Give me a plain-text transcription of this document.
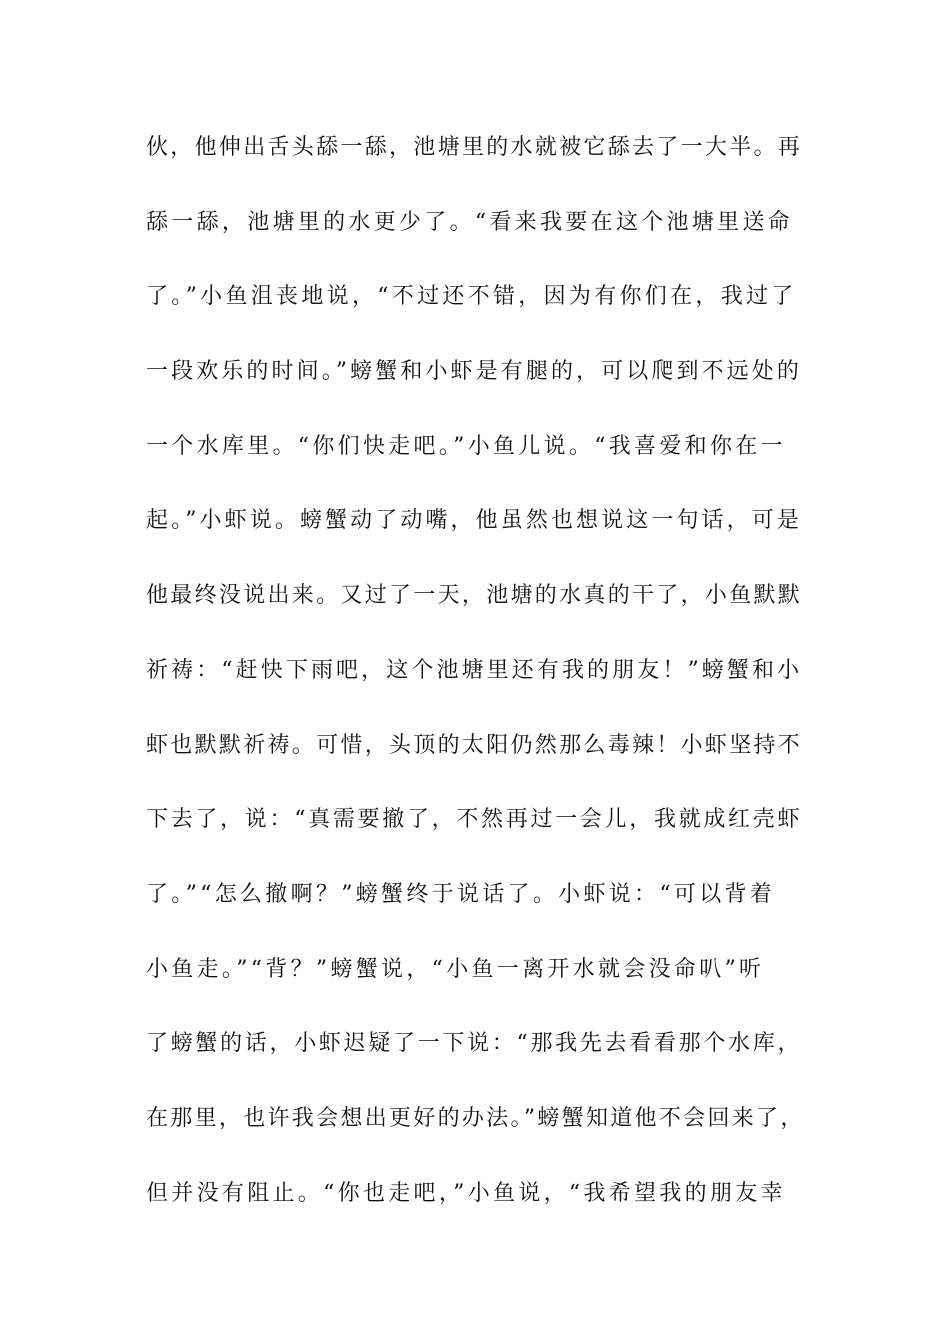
伙，他伸出舌头舔一舔，池塘里的水就被它舔去了一大半。再
舔一舔，池塘里的水更少了。“看来我要在这个池塘里送命
了。”小鱼沮丧地说，“不过还不错，因为有你们在，我过了
一段欢乐的时间。”螃蟹和小虾是有腿的，可以爬到不远处的
一个水库里。“你们快走吧。”小鱼儿说。“我喜爱和你在一
起。”小虾说。螃蟹动了动嘴，他虽然也想说这一句话，可是
他最终没说出来。又过了一天，池塘的水真的干了，小鱼默默
祈祷：“赶快下雨吧，这个池塘里还有我的朋友！”螃蟹和小
虾也默默祈祷。可惜，头顶的太阳仍然那么毒辣！小虾坚持不
下去了，说：“真需要撤了，不然再过一会儿，我就成红壳虾
了。”“怎么撤啊？”螃蟹终于说话了。小虾说：“可以背着
小鱼走。”“背？”螃蟹说，“小鱼一离开水就会没命叭”听
了螃蟹的话，小虾迟疑了一下说：“那我先去看看那个水库，
在那里，也许我会想出更好的办法。”螃蟹知道他不会回来了，
但并没有阻止。“你也走吧，”小鱼说，“我希望我的朋友幸
